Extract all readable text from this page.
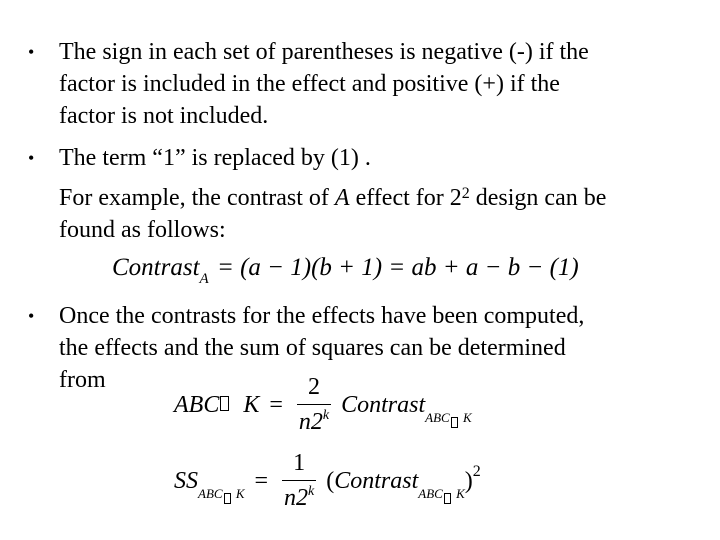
• The sign in each set of parentheses is negative (-) if the
factor is included in the effect and positive (+) if the
factor is not included.
• The term “1” is replaced by (1) .
For example, the contrast of A effect for $2^2$ design can be
found as follows:
Contrast$_A$ = (a − 1)(b + 1) = ab + a − b − (1)
• Once the contrasts for the effects have been computed,
the effects and the sum of squares can be determined
from
ABC $K = \frac{2}{n2^k}$ Contrast$_{ABC K}$
$SS_{ABC K} = \frac{1}{n2^k}$ (Contrast$_{ABC K}$)$^2$
